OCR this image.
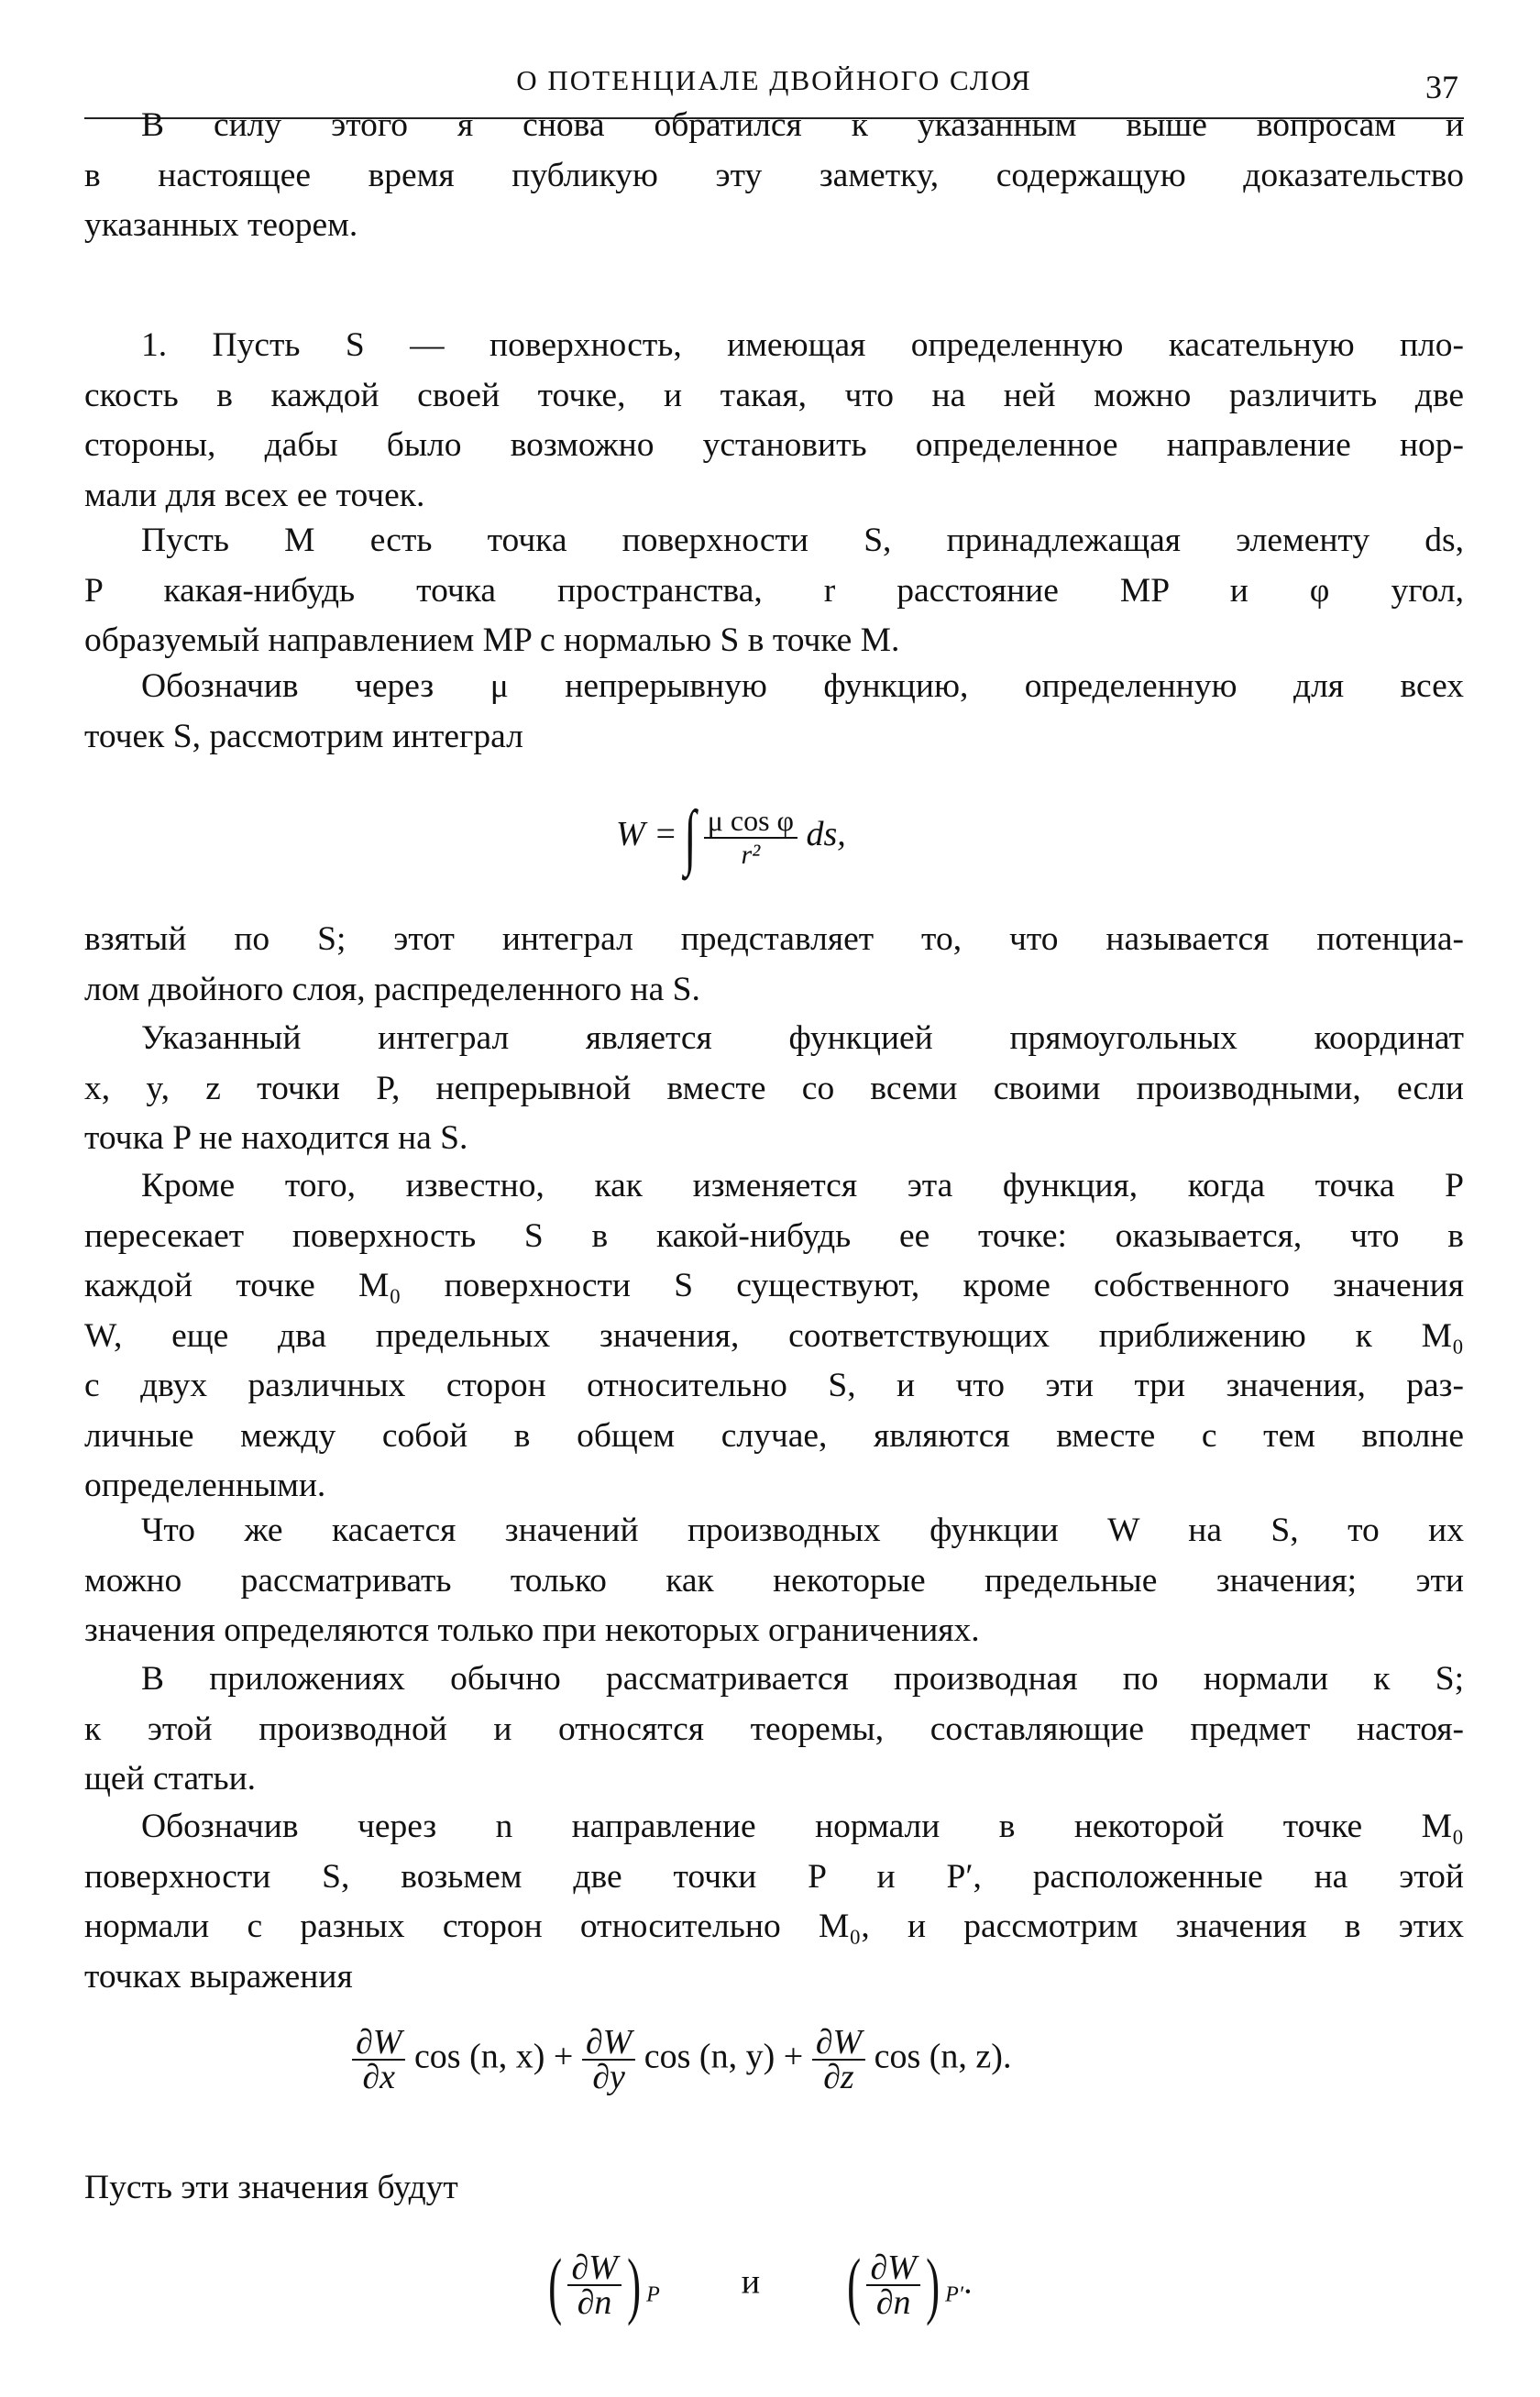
О ПОТЕНЦИАЛЕ ДВОЙНОГО СЛОЯ	37
В силу этого я снова обратился к указанным выше вопросам и
в настоящее время публикую эту заметку, содержащую доказательство
указанных теорем.
1. Пусть S — поверхность, имеющая определенную касательную пло-
скость в каждой своей точке, и такая, что на ней можно различить две
стороны, дабы было возможно установить определенное направление нор-
мали для всех ее точек.
Пусть M есть точка поверхности S, принадлежащая элементу ds,
P какая-нибудь точка пространства, r расстояние MP и φ угол,
образуемый направлением MP с нормалью S в точке M.
Обозначив через μ непрерывную функцию, определенную для всех
точек S, рассмотрим интеграл
W = ∫ $\frac{\text{μ cos φ}}{\text{r²}}$ ds,
взятый по S; этот интеграл представляет то, что называется потенциа-
лом двойного слоя, распределенного на S.
Указанный интеграл является функцией прямоугольных координат
x, y, z точки P, непрерывной вместе со всеми своими производными, если
точка P не находится на S.
Кроме того, известно, как изменяется эта функция, когда точка P
пересекает поверхность S в какой-нибудь ее точке: оказывается, что в
каждой точке M₀ поверхности S существуют, кроме собственного значения
W, еще два предельных значения, соответствующих приближению к M₀
с двух различных сторон относительно S, и что эти три значения, раз-
личные между собой в общем случае, являются вместе с тем вполне
определенными.
Что же касается значений производных функции W на S, то их
можно рассматривать только как некоторые предельные значения; эти
значения определяются только при некоторых ограничениях.
В приложениях обычно рассматривается производная по нормали к S;
к этой производной и относятся теоремы, составляющие предмет настоя-
щей статьи.
Обозначив через n направление нормали в некоторой точке M₀
поверхности S, возьмем две точки P и P′, расположенные на этой
нормали с разных сторон относительно M₀, и рассмотрим значения в этих
точках выражения
$\frac{\partial W}{\partial x}$ cos (n, $x) + \frac{\partial W}{\partial y}$ cos (n, $y) + \frac{\partial W}{\partial z}$ cos (n, z).
Пусть эти значения будут
( $\frac{\partial W}{\partial n}$ ) $_P$ и ( $\frac{\partial W}{\partial n}$ ) $_{P'}$.
